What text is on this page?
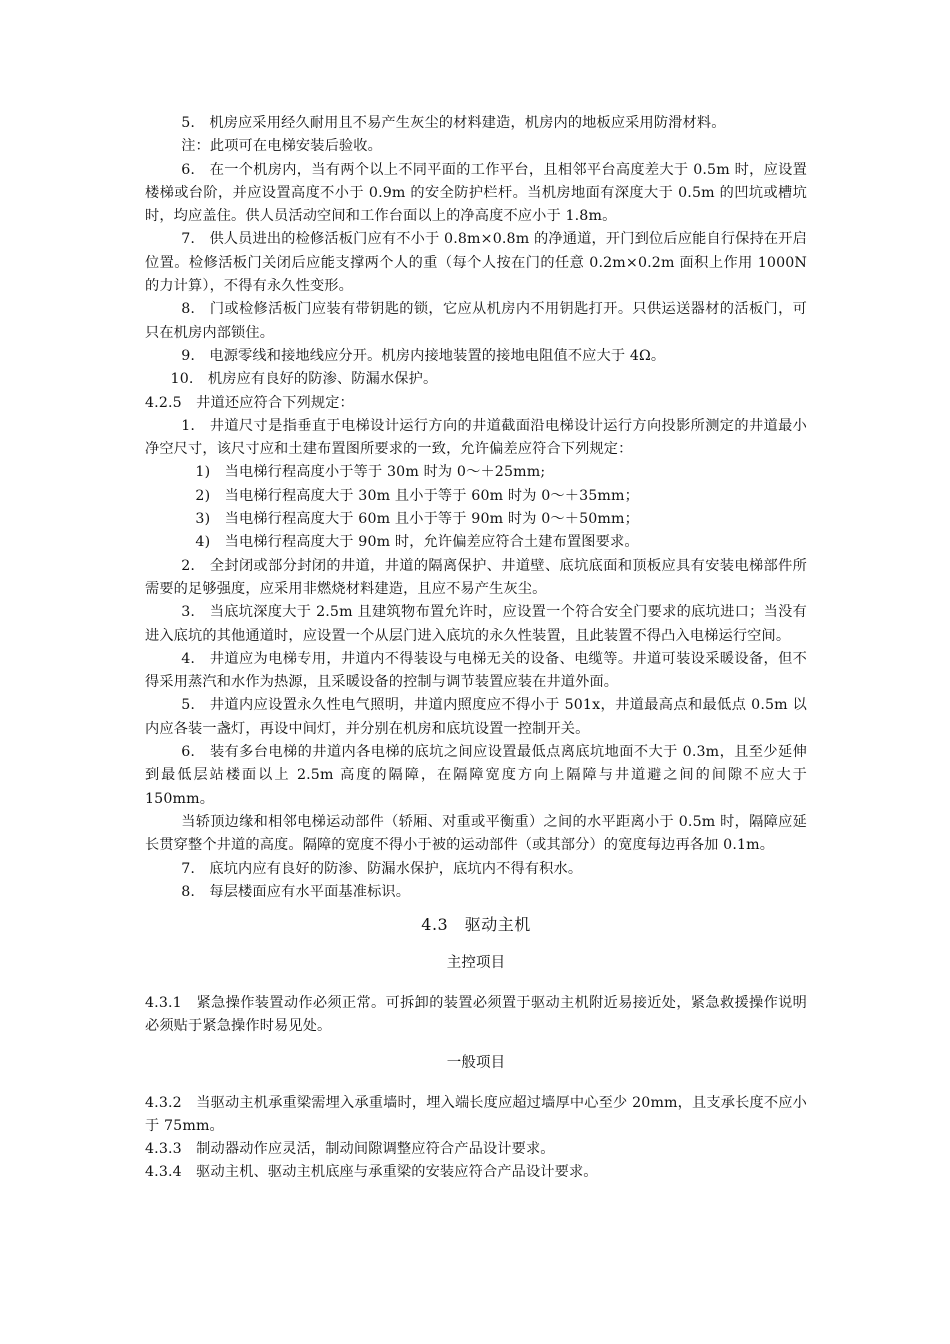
5.　机房应采用经久耐用且不易产生灰尘的材料建造，机房内的地板应采用防滑材料。

注：此项可在电梯安装后验收。

6.　在一个机房内，当有两个以上不同平面的工作平台，且相邻平台高度差大于 0.5m 时，应设置楼梯或台阶，并应设置高度不小于 0.9m 的安全防护栏杆。当机房地面有深度大于 0.5m 的凹坑或槽坑时，均应盖住。供人员活动空间和工作台面以上的净高度不应小于 1.8m。

7.　供人员进出的检修活板门应有不小于 0.8m×0.8m 的净通道，开门到位后应能自行保持在开启位置。检修活板门关闭后应能支撑两个人的重（每个人按在门的任意 0.2m×0.2m 面积上作用 1000N 的力计算），不得有永久性变形。

8.　门或检修活板门应装有带钥匙的锁，它应从机房内不用钥匙打开。只供运送器材的活板门，可只在机房内部锁住。

9.　电源零线和接地线应分开。机房内接地装置的接地电阻值不应大于 4Ω。

10.　机房应有良好的防渗、防漏水保护。

4.2.5　井道还应符合下列规定：

1.　井道尺寸是指垂直于电梯设计运行方向的井道截面沿电梯设计运行方向投影所测定的井道最小净空尺寸，该尺寸应和土建布置图所要求的一致，允许偏差应符合下列规定：

1)　当电梯行程高度小于等于 30m 时为 0～＋25mm;

2)　当电梯行程高度大于 30m 且小于等于 60m 时为 0～＋35mm；

3)　当电梯行程高度大于 60m 且小于等于 90m 时为 0～＋50mm；

4)　当电梯行程高度大于 90m 时，允许偏差应符合土建布置图要求。

2.　全封闭或部分封闭的井道，井道的隔离保护、井道壁、底坑底面和顶板应具有安装电梯部件所需要的足够强度，应采用非燃烧材料建造，且应不易产生灰尘。

3.　当底坑深度大于 2.5m 且建筑物布置允许时，应设置一个符合安全门要求的底坑进口；当没有进入底坑的其他通道时，应设置一个从层门进入底坑的永久性装置，且此装置不得凸入电梯运行空间。

4.　井道应为电梯专用，井道内不得装设与电梯无关的设备、电缆等。井道可装设采暖设备，但不得采用蒸汽和水作为热源，且采暖设备的控制与调节装置应装在井道外面。

5.　井道内应设置永久性电气照明，井道内照度应不得小于 501x，井道最高点和最低点 0.5m 以内应各装一盏灯，再设中间灯，并分别在机房和底坑设置一控制开关。

6.　装有多台电梯的井道内各电梯的底坑之间应设置最低点离底坑地面不大于 0.3m，且至少延伸到最低层站楼面以上 2.5m 高度的隔障，在隔障宽度方向上隔障与井道避之间的间隙不应大于 150mm。

当轿顶边缘和相邻电梯运动部件（轿厢、对重或平衡重）之间的水平距离小于 0.5m 时，隔障应延长贯穿整个井道的高度。隔障的宽度不得小于被的运动部件（或其部分）的宽度每边再各加 0.1m。

7.　底坑内应有良好的防渗、防漏水保护，底坑内不得有积水。

8.　每层楼面应有水平面基准标识。

4.3　驱动主机

主控项目

4.3.1　紧急操作装置动作必须正常。可拆卸的装置必须置于驱动主机附近易接近处，紧急救援操作说明必须贴于紧急操作时易见处。

一般项目

4.3.2　当驱动主机承重梁需埋入承重墙时，埋入端长度应超过墙厚中心至少 20mm，且支承长度不应小于 75mm。

4.3.3　制动器动作应灵活，制动间隙调整应符合产品设计要求。

4.3.4　驱动主机、驱动主机底座与承重梁的安装应符合产品设计要求。
